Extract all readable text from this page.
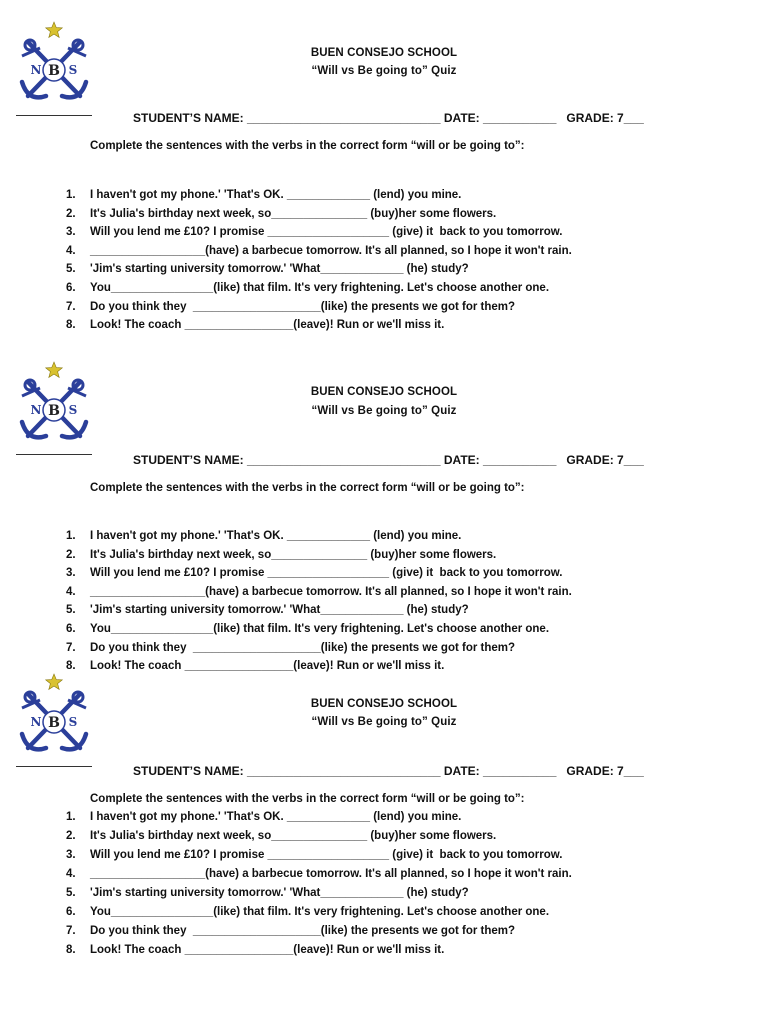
B
N S
BUEN CONSEJO SCHOOL
“Will vs Be going to” Quiz
STUDENT’S NAME: _____________________________ DATE: ___________   GRADE: 7___
Complete the sentences with the verbs in the correct form “will or be going to”:
1.	I haven't got my phone.' 'That's OK. _____________ (lend) you mine.
2.	It's Julia's birthday next week, so_______________ (buy)her some flowers.
3.	Will you lend me £10? I promise ___________________ (give) it  back to you tomorrow.
4.	__________________(have) a barbecue tomorrow. It's all planned, so I hope it won't rain.
5.	'Jim's starting university tomorrow.' 'What_____________ (he) study?
6.	You________________(like) that film. It's very frightening. Let's choose another one.
7.	Do you think they  ____________________(like) the presents we got for them?
8.	Look! The coach _________________(leave)! Run or we'll miss it.
B
N S
BUEN CONSEJO SCHOOL
“Will vs Be going to” Quiz
STUDENT’S NAME: _____________________________ DATE: ___________   GRADE: 7___
Complete the sentences with the verbs in the correct form “will or be going to”:
1.	I haven't got my phone.' 'That's OK. _____________ (lend) you mine.
2.	It's Julia's birthday next week, so_______________ (buy)her some flowers.
3.	Will you lend me £10? I promise ___________________ (give) it  back to you tomorrow.
4.	__________________(have) a barbecue tomorrow. It's all planned, so I hope it won't rain.
5.	'Jim's starting university tomorrow.' 'What_____________ (he) study?
6.	You________________(like) that film. It's very frightening. Let's choose another one.
7.	Do you think they  ____________________(like) the presents we got for them?
8.	Look! The coach _________________(leave)! Run or we'll miss it.
B
N S
BUEN CONSEJO SCHOOL
“Will vs Be going to” Quiz
STUDENT’S NAME: _____________________________ DATE: ___________   GRADE: 7___
Complete the sentences with the verbs in the correct form “will or be going to”:
1.	I haven't got my phone.' 'That's OK. _____________ (lend) you mine.
2.	It's Julia's birthday next week, so_______________ (buy)her some flowers.
3.	Will you lend me £10? I promise ___________________ (give) it  back to you tomorrow.
4.	__________________(have) a barbecue tomorrow. It's all planned, so I hope it won't rain.
5.	'Jim's starting university tomorrow.' 'What_____________ (he) study?
6.	You________________(like) that film. It's very frightening. Let's choose another one.
7.	Do you think they  ____________________(like) the presents we got for them?
8.	Look! The coach _________________(leave)! Run or we'll miss it.
